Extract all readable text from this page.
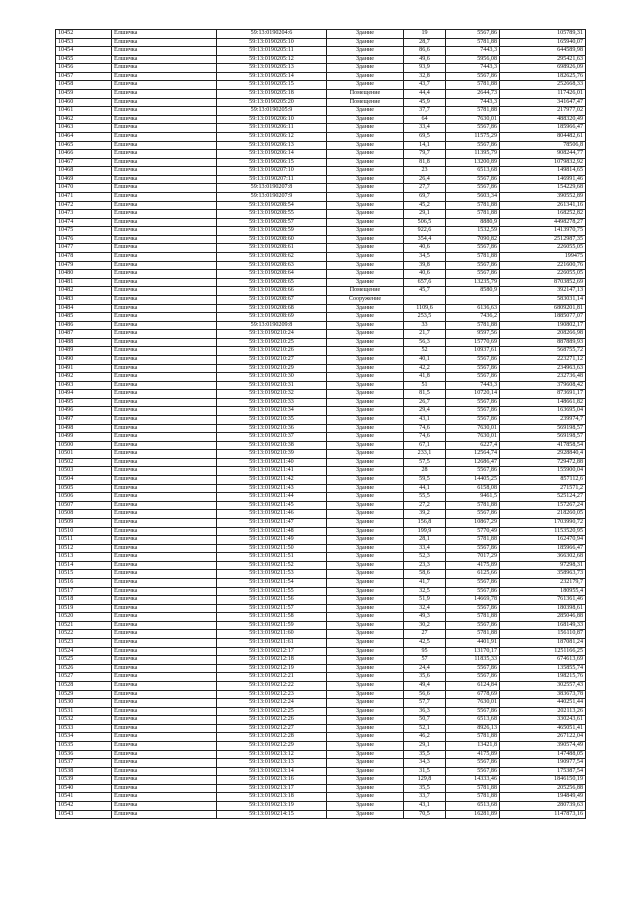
10452	Елшичка	59:13:0190204:6	Здание	19	5567,86	105789,31
10453	Елшичка	59:13:0190205:10	Здание	28,7	5781,88	165940,07
10454	Елшичка	59:13:0190205:11	Здание	86,6	7443,3	644589,98
10455	Елшичка	59:13:0190205:12	Здание	49,6	5956,08	295421,63
10456	Елшичка	59:13:0190205:13	Здание	93,9	7443,3	698926,09
10457	Елшичка	59:13:0190205:14	Здание	32,8	5567,86	182625,76
10458	Елшичка	59:13:0190205:15	Здание	43,7	5781,88	252668,33
10459	Елшичка	59:13:0190205:18	Помещение	44,4	2644,73	117426,01
10460	Елшичка	59:13:0190205:20	Помещение	45,9	7443,3	341647,47
10461	Елшичка	59:13:0190205:9	Здание	37,7	5781,88	217977,02
10462	Елшичка	59:13:0190206:10	Здание	64	7630,01	488320,49
10463	Елшичка	59:13:0190206:11	Здание	33,4	5567,86	185966,47
10464	Елшичка	59:13:0190206:12	Здание	69,5	11575,29	804482,61
10465	Елшичка	59:13:0190206:13	Здание	14,1	5567,86	78506,8
10466	Елшичка	59:13:0190206:14	Здание	79,7	11395,79	908244,77
10467	Елшичка	59:13:0190206:15	Здание	81,8	13200,89	1079832,92
10468	Елшичка	59:13:0190207:10	Здание	23	6513,68	149814,65
10469	Елшичка	59:13:0190207:11	Здание	26,4	5567,86	146991,46
10470	Елшичка	59:13:0190207:8	Здание	27,7	5567,86	154229,68
10471	Елшичка	59:13:0190207:9	Здание	69,7	5603,34	390552,89
10472	Елшичка	59:13:0190208:54	Здание	45,2	5781,88	261341,16
10473	Елшичка	59:13:0190208:55	Здание	29,1	5781,88	168252,82
10474	Елшичка	59:13:0190208:57	Здание	506,5	8880,9	4498278,27
10475	Елшичка	59:13:0190208:59	Здание	922,6	1532,59	1413970,75
10476	Елшичка	59:13:0190208:60	Здание	354,4	7090,82	2512987,35
10477	Елшичка	59:13:0190208:61	Здание	40,6	5567,86	226055,05
10478	Елшичка	59:13:0190208:62	Здание	34,5	5781,88	199475
10479	Елшичка	59:13:0190208:63	Здание	39,8	5567,86	221600,76
10480	Елшичка	59:13:0190208:64	Здание	40,6	5567,86	226055,05
10481	Елшичка	59:13:0190208:65	Здание	657,6	13235,79	8703852,69
10482	Елшичка	59:13:0190208:66	Помещение	45,7	8580,9	392147,13
10483	Елшичка	59:13:0190208:67	Сооружение			583031,14
10484	Елшичка	59:13:0190208:68	Здание	1109,6	6136,63	6809201,81
10485	Елшичка	59:13:0190208:69	Здание	253,5	7436,2	1885077,07
10486	Елшичка	59:13:0190209:8	Здание	33	5781,88	190802,17
10487	Елшичка	59:13:0190210:24	Здание	21,7	9597,56	208266,98
10488	Елшичка	59:13:0190210:25	Здание	56,3	15770,69	887889,93
10489	Елшичка	59:13:0190210:26	Здание	52	10937,61	568755,72
10490	Елшичка	59:13:0190210:27	Здание	40,1	5567,86	223271,12
10491	Елшичка	59:13:0190210:29	Здание	42,2	5567,86	234963,63
10492	Елшичка	59:13:0190210:30	Здание	41,8	5567,86	232736,48
10493	Елшичка	59:13:0190210:31	Здание	51	7443,3	379608,42
10494	Елшичка	59:13:0190210:32	Здание	81,5	10720,14	873691,17
10495	Елшичка	59:13:0190210:33	Здание	26,7	5567,86	148661,82
10496	Елшичка	59:13:0190210:34	Здание	29,4	5567,86	163695,04
10497	Елшичка	59:13:0190210:35	Здание	43,1	5567,86	239974,7
10498	Елшичка	59:13:0190210:36	Здание	74,6	7630,01	569198,57
10499	Елшичка	59:13:0190210:37	Здание	74,6	7630,01	569198,57
10500	Елшичка	59:13:0190210:38	Здание	67,1	6227,4	417858,54
10501	Елшичка	59:13:0190210:39	Здание	233,1	12564,74	2928840,4
10502	Елшичка	59:13:0190211:40	Здание	57,5	12686,47	729472,88
10503	Елшичка	59:13:0190211:41	Здание	28	5567,86	155900,04
10504	Елшичка	59:13:0190211:42	Здание	59,5	14405,25	857112,6
10505	Елшичка	59:13:0190211:43	Здание	44,1	6158,08	271571,2
10506	Елшичка	59:13:0190211:44	Здание	55,5	9461,5	525124,27
10507	Елшичка	59:13:0190211:45	Здание	27,2	5781,88	157267,24
10508	Елшичка	59:13:0190211:46	Здание	39,2	5567,86	218260,05
10509	Елшичка	59:13:0190211:47	Здание	156,8	10867,29	1703990,72
10510	Елшичка	59:13:0190211:48	Здание	199,9	5770,49	1153520,95
10511	Елшичка	59:13:0190211:49	Здание	28,1	5781,88	162470,94
10512	Елшичка	59:13:0190211:50	Здание	33,4	5567,86	185966,47
10513	Елшичка	59:13:0190211:51	Здание	52,3	7017,29	366302,68
10514	Елшичка	59:13:0190211:52	Здание	23,3	4175,89	97298,31
10515	Елшичка	59:13:0190211:53	Здание	58,6	6125,66	358963,73
10516	Елшичка	59:13:0190211:54	Здание	41,7	5567,86	232179,7
10517	Елшичка	59:13:0190211:55	Здание	32,5	5567,86	180955,4
10518	Елшичка	59:13:0190211:56	Здание	51,9	14669,78	761361,46
10519	Елшичка	59:13:0190211:57	Здание	32,4	5567,86	180398,61
10520	Елшичка	59:13:0190211:58	Здание	49,3	5781,88	285046,88
10521	Елшичка	59:13:0190211:59	Здание	30,2	5567,86	168149,33
10522	Елшичка	59:13:0190211:60	Здание	27	5781,88	156110,87
10523	Елшичка	59:13:0190211:61	Здание	42,5	4401,91	187081,24
10524	Елшичка	59:13:0190212:17	Здание	95	13170,17	1251166,25
10525	Елшичка	59:13:0190212:18	Здание	57	11835,33	674613,69
10526	Елшичка	59:13:0190212:19	Здание	24,4	5567,86	135855,74
10527	Елшичка	59:13:0190212:21	Здание	35,6	5567,86	198215,76
10528	Елшичка	59:13:0190212:22	Здание	49,4	6124,84	302557,43
10529	Елшичка	59:13:0190212:23	Здание	56,6	6778,69	383673,78
10530	Елшичка	59:13:0190212:24	Здание	57,7	7630,01	440251,44
10531	Елшичка	59:13:0190212:25	Здание	36,3	5567,86	202113,26
10532	Елшичка	59:13:0190212:26	Здание	50,7	6513,68	330243,61
10533	Елшичка	59:13:0190212:27	Здание	52,1	8926,13	465051,41
10534	Елшичка	59:13:0190212:28	Здание	46,2	5781,88	267122,04
10535	Елшичка	59:13:0190212:29	Здание	29,1	13421,8	390574,49
10536	Елшичка	59:13:0190213:12	Здание	35,5	4175,89	147488,05
10537	Елшичка	59:13:0190213:13	Здание	34,3	5567,86	190977,54
10538	Елшичка	59:13:0190213:14	Здание	31,5	5567,86	175387,54
10539	Елшичка	59:13:0190213:16	Здание	129,8	14333,46	1846150,19
10540	Елшичка	59:13:0190213:17	Здание	35,5	5781,88	205256,88
10541	Елшичка	59:13:0190213:18	Здание	33,7	5781,88	194849,49
10542	Елшичка	59:13:0190213:19	Здание	43,1	6513,68	280739,63
10543	Елшичка	59:13:0190214:15	Здание	70,5	16281,89	1147873,16
